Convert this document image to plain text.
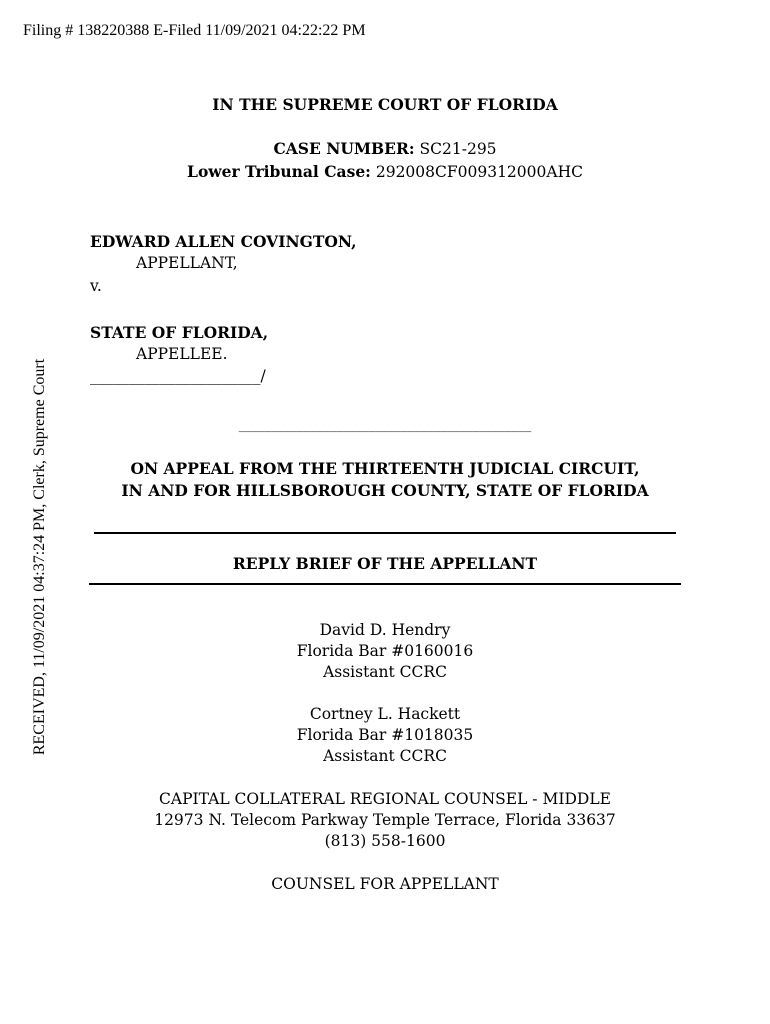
Filing # 138220388 E-Filed 11/09/2021 04:22:22 PM
RECEIVED, 11/09/2021 04:37:24 PM, Clerk, Supreme Court
IN THE SUPREME COURT OF FLORIDA
CASE NUMBER: SC21-295
Lower Tribunal Case: 292008CF009312000AHC
EDWARD ALLEN COVINGTON,
APPELLANT,
v.
STATE OF FLORIDA,
APPELLEE.
______________________/
_____________________________________________
ON APPEAL FROM THE THIRTEENTH JUDICIAL CIRCUIT,
IN AND FOR HILLSBOROUGH COUNTY, STATE OF FLORIDA
REPLY BRIEF OF THE APPELLANT
David D. Hendry
Florida Bar #0160016
Assistant CCRC
Cortney L. Hackett
Florida Bar #1018035
Assistant CCRC
CAPITAL COLLATERAL REGIONAL COUNSEL - MIDDLE
12973 N. Telecom Parkway Temple Terrace, Florida 33637
(813) 558-1600
COUNSEL FOR APPELLANT
